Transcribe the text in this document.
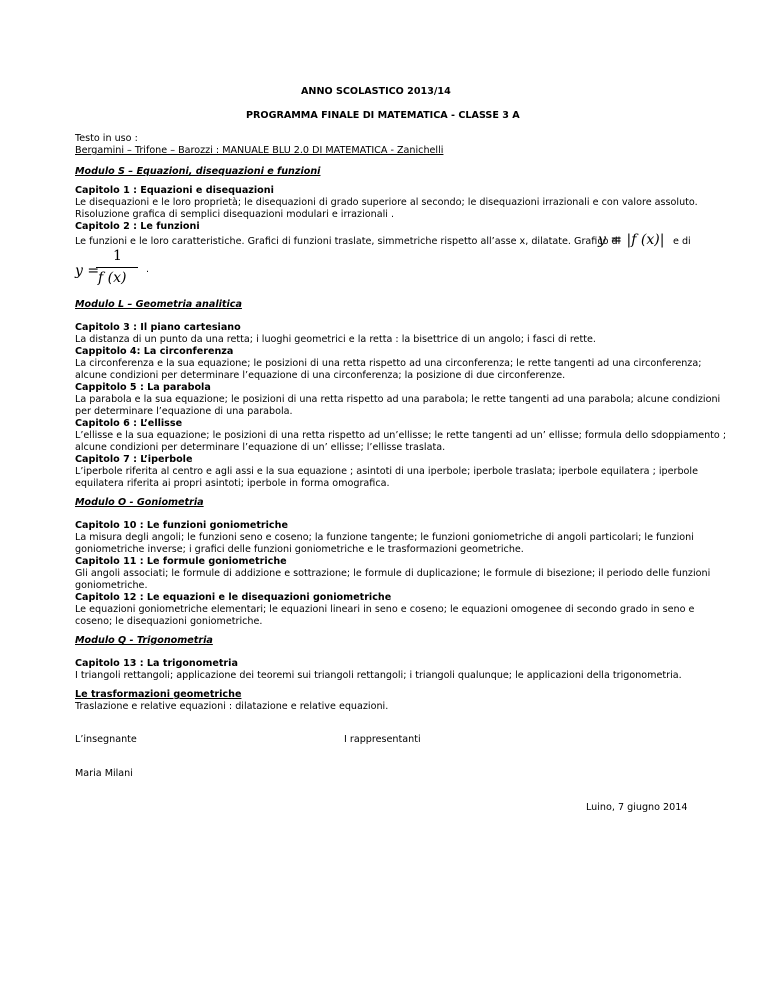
ANNO SCOLASTICO 2013/14
PROGRAMMA FINALE DI MATEMATICA - CLASSE 3 A
Testo in uso :
Bergamini – Trifone – Barozzi : MANUALE BLU 2.0 DI MATEMATICA - Zanichelli
Modulo S – Equazioni, disequazioni e funzioni
Capitolo 1 : Equazioni e disequazioni
Le disequazioni e le loro proprietà; le disequazioni di grado superiore al secondo; le disequazioni irrazionali e con valore assoluto.
Risoluzione grafica di semplici disequazioni modulari e irrazionali .
Capitolo 2 : Le funzioni
Le funzioni e le loro caratteristiche. Grafici di funzioni traslate, simmetriche rispetto all’asse x, dilatate. Grafico di
y = |f (x)| e di
y =
1
f (x)
.
Modulo L – Geometria analitica
Capitolo 3 : Il piano cartesiano
La distanza di un punto da una retta; i luoghi geometrici e la retta : la bisettrice di un angolo; i fasci di rette.
Cappitolo 4: La circonferenza
La circonferenza e la sua equazione; le posizioni di una retta rispetto ad una circonferenza; le rette tangenti ad una circonferenza;
alcune condizioni per determinare l’equazione di una circonferenza; la posizione di due circonferenze.
Cappitolo 5 : La parabola
La parabola e la sua equazione; le posizioni di una retta rispetto ad una parabola; le rette tangenti ad una parabola; alcune condizioni
per determinare l’equazione di una parabola.
Capitolo 6 : L’ellisse
L’ellisse e la sua equazione; le posizioni di una retta rispetto ad un’ellisse; le rette tangenti ad un’ ellisse; formula dello sdoppiamento ;
alcune condizioni per determinare l’equazione di un’ ellisse; l’ellisse traslata.
Capitolo 7 : L’iperbole
L’iperbole riferita al centro e agli assi e la sua equazione ; asintoti di una iperbole; iperbole traslata; iperbole equilatera ; iperbole
equilatera riferita ai propri asintoti; iperbole in forma omografica.
Modulo O - Goniometria
Capitolo 10 : Le funzioni goniometriche
La misura degli angoli; le funzioni seno e coseno; la funzione tangente; le funzioni goniometriche di angoli particolari; le funzioni
goniometriche inverse; i grafici delle funzioni goniometriche e le trasformazioni geometriche.
Capitolo 11 : Le formule goniometriche
Gli angoli associati; le formule di addizione e sottrazione; le formule di duplicazione; le formule di bisezione; il periodo delle funzioni
goniometriche.
Capitolo 12 : Le equazioni e le disequazioni goniometriche
Le equazioni goniometriche elementari; le equazioni lineari in seno e coseno; le equazioni omogenee di secondo grado in seno e
coseno; le disequazioni goniometriche.
Modulo Q - Trigonometria
Capitolo 13 : La trigonometria
I triangoli rettangoli; applicazione dei teoremi sui triangoli rettangoli; i triangoli qualunque; le applicazioni della trigonometria.
Le trasformazioni geometriche
Traslazione e relative equazioni : dilatazione e relative equazioni.
L’insegnante	I rappresentanti
Maria Milani
Luino, 7 giugno 2014
